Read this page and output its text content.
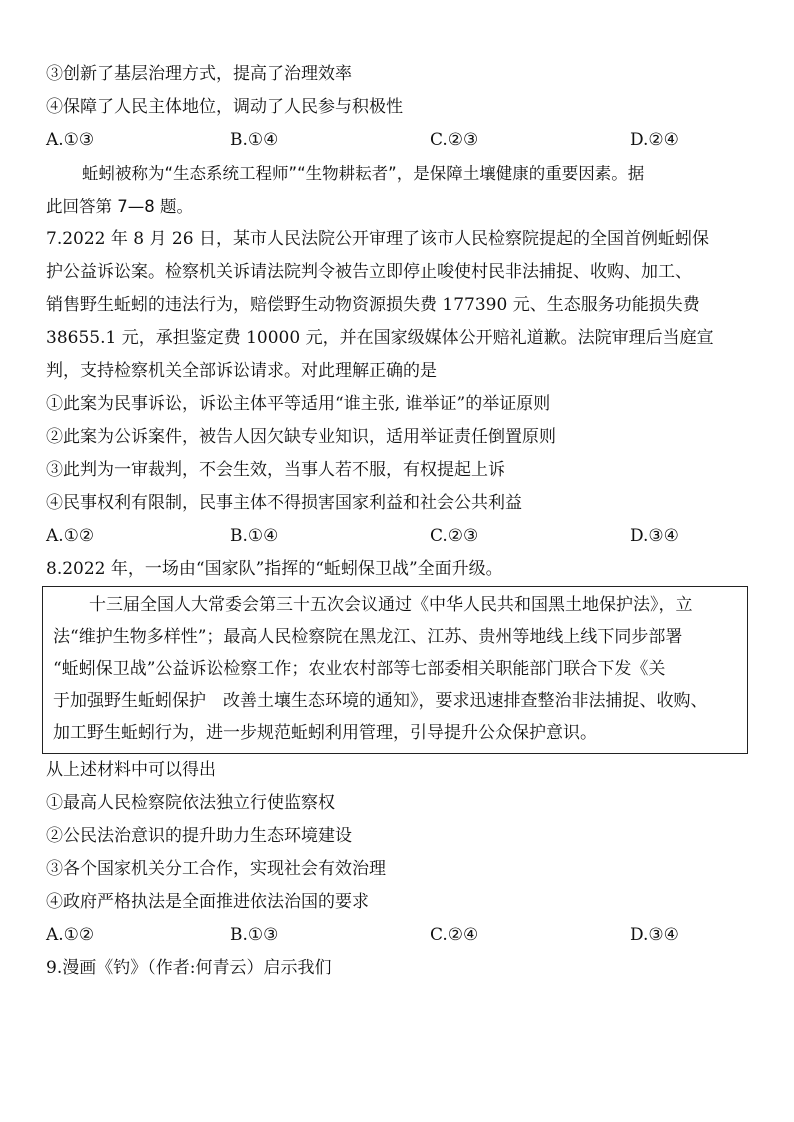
③创新了基层治理方式，提高了治理效率
④保障了人民主体地位，调动了人民参与积极性
A.①③	B.①④	C.②③	D.②④
蚯蚓被称为“生态系统工程师”“生物耕耘者”，是保障土壤健康的重要因素。据
此回答第 7—8 题。
7.2022 年 8 月 26 日，某市人民法院公开审理了该市人民检察院提起的全国首例蚯蚓保
护公益诉讼案。检察机关诉请法院判令被告立即停止唆使村民非法捕捉、收购、加工、
销售野生蚯蚓的违法行为，赔偿野生动物资源损失费 177390 元、生态服务功能损失费
38655.1 元，承担鉴定费 10000 元，并在国家级媒体公开赔礼道歉。法院审理后当庭宣
判，支持检察机关全部诉讼请求。对此理解正确的是
①此案为民事诉讼，诉讼主体平等适用“谁主张, 谁举证”的举证原则
②此案为公诉案件，被告人因欠缺专业知识，适用举证责任倒置原则
③此判为一审裁判，不会生效，当事人若不服，有权提起上诉
④民事权利有限制，民事主体不得损害国家利益和社会公共利益
A.①②	B.①④	C.②③	D.③④
8.2022 年，一场由“国家队”指挥的“蚯蚓保卫战”全面升级。
十三届全国人大常委会第三十五次会议通过《中华人民共和国黑土地保护法》，立
法“维护生物多样性”；最高人民检察院在黑龙江、江苏、贵州等地线上线下同步部署
“蚯蚓保卫战”公益诉讼检察工作；农业农村部等七部委相关职能部门联合下发《关
于加强野生蚯蚓保护　改善土壤生态环境的通知》，要求迅速排查整治非法捕捉、收购、
加工野生蚯蚓行为，进一步规范蚯蚓利用管理，引导提升公众保护意识。
从上述材料中可以得出
①最高人民检察院依法独立行使监察权
②公民法治意识的提升助力生态环境建设
③各个国家机关分工合作，实现社会有效治理
④政府严格执法是全面推进依法治国的要求
A.①②	B.①③	C.②④	D.③④
9.漫画《钓》（作者:何青云）启示我们
